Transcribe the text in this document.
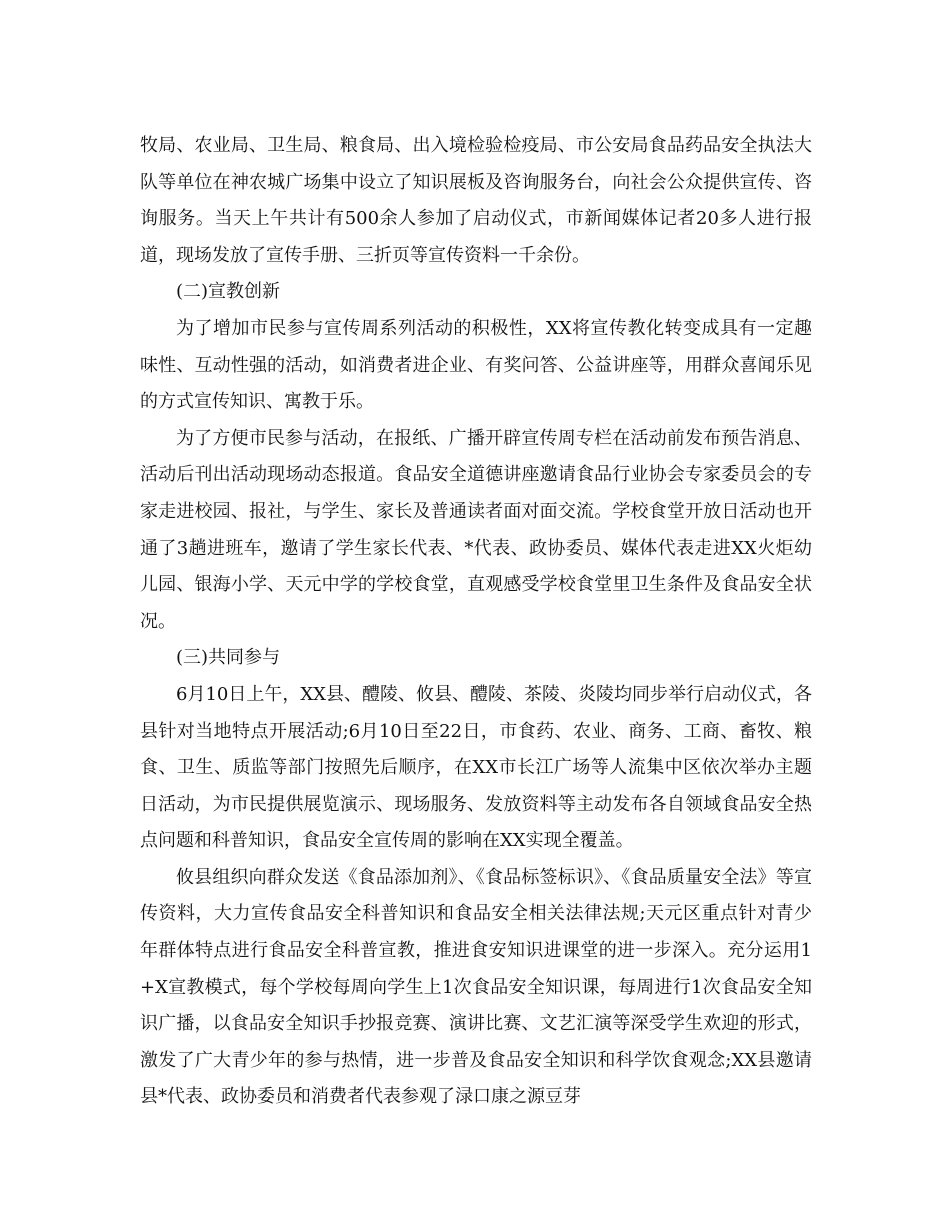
牧局、农业局、卫生局、粮食局、出入境检验检疫局、市公安局食品药品安全执法大队等单位在神农城广场集中设立了知识展板及咨询服务台，向社会公众提供宣传、咨询服务。当天上午共计有500余人参加了启动仪式，市新闻媒体记者20多人进行报道，现场发放了宣传手册、三折页等宣传资料一千余份。

(二)宣教创新

为了增加市民参与宣传周系列活动的积极性，XX将宣传教化转变成具有一定趣味性、互动性强的活动，如消费者进企业、有奖问答、公益讲座等，用群众喜闻乐见的方式宣传知识、寓教于乐。

为了方便市民参与活动，在报纸、广播开辟宣传周专栏在活动前发布预告消息、活动后刊出活动现场动态报道。食品安全道德讲座邀请食品行业协会专家委员会的专家走进校园、报社，与学生、家长及普通读者面对面交流。学校食堂开放日活动也开通了3趟进班车，邀请了学生家长代表、*代表、政协委员、媒体代表走进XX火炬幼儿园、银海小学、天元中学的学校食堂，直观感受学校食堂里卫生条件及食品安全状况。

(三)共同参与

6月10日上午，XX县、醴陵、攸县、醴陵、茶陵、炎陵均同步举行启动仪式，各县针对当地特点开展活动;6月10日至22日，市食药、农业、商务、工商、畜牧、粮食、卫生、质监等部门按照先后顺序，在XX市长江广场等人流集中区依次举办主题日活动，为市民提供展览演示、现场服务、发放资料等主动发布各自领域食品安全热点问题和科普知识，食品安全宣传周的影响在XX实现全覆盖。

攸县组织向群众发送《食品添加剂》、《食品标签标识》、《食品质量安全法》等宣传资料，大力宣传食品安全科普知识和食品安全相关法律法规;天元区重点针对青少年群体特点进行食品安全科普宣教，推进食安知识进课堂的进一步深入。充分运用1+X宣教模式，每个学校每周向学生上1次食品安全知识课，每周进行1次食品安全知识广播，以食品安全知识手抄报竞赛、演讲比赛、文艺汇演等深受学生欢迎的形式，激发了广大青少年的参与热情，进一步普及食品安全知识和科学饮食观念;XX县邀请县*代表、政协委员和消费者代表参观了渌口康之源豆芽
